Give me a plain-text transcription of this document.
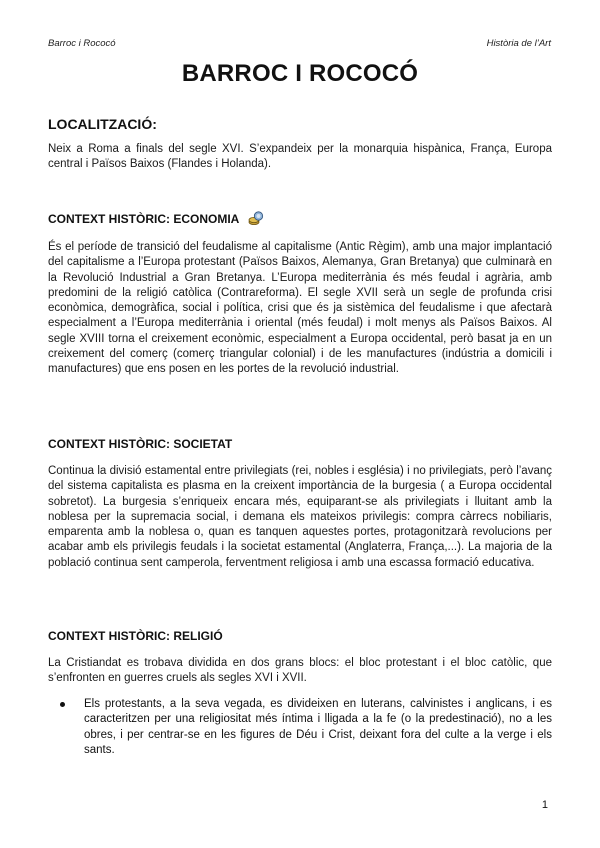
Barroc i Rococó	Història de l’Art
BARROC I ROCOCÓ
LOCALITZACIÓ:
Neix a Roma a finals del segle XVI. S’expandeix per la monarquia hispànica, França, Europa central i Països Baixos (Flandes i Holanda).
CONTEXT HISTÒRIC: ECONOMIA
És el període de transició del feudalisme al capitalisme (Antic Règim), amb una major implantació del capitalisme a l’Europa protestant (Països Baixos, Alemanya, Gran Bretanya) que culminarà en la Revolució Industrial a Gran Bretanya. L’Europa mediterrània és més feudal i agrària, amb predomini de la religió catòlica (Contrareforma). El segle XVII serà un segle de profunda crisi econòmica, demogràfica, social i política, crisi que és ja sistèmica del feudalisme i que afectarà especialment a l’Europa mediterrània i oriental (més feudal) i molt menys als Països Baixos. Al segle XVIII torna el creixement econòmic, especialment a Europa occidental, però basat ja en un creixement del comerç (comerç triangular colonial) i de les manufactures (indústria a domicili i manufactures) que ens posen en les portes de la revolució industrial.
CONTEXT HISTÒRIC: SOCIETAT
Continua la divisió estamental entre privilegiats (rei, nobles i església) i no privilegiats, però l’avanç del sistema capitalista es plasma en la creixent importància de la burgesia ( a Europa occidental sobretot). La burgesia s’enriqueix encara més, equiparant-se als privilegiats i lluitant amb la noblesa per la supremacia social, i demana els mateixos privilegis: compra càrrecs nobiliaris, emparenta amb la noblesa o, quan es tanquen aquestes portes, protagonitzarà revolucions per acabar amb els privilegis feudals i la societat estamental (Anglaterra, França,...). La majoria de la població continua sent camperola, ferventment religiosa i amb una escassa formació educativa.
CONTEXT HISTÒRIC: RELIGIÓ
La Cristiandat es trobava dividida en dos grans blocs: el bloc protestant i el bloc catòlic, que s’enfronten en guerres cruels als segles XVI i XVII.
Els protestants, a la seva vegada, es divideixen en luterans, calvinistes i anglicans, i es caracteritzen per una religiositat més íntima i lligada a la fe (o la predestinació), no a les obres, i per centrar-se en les figures de Déu i Crist, deixant fora del culte a la verge i els sants.
1
